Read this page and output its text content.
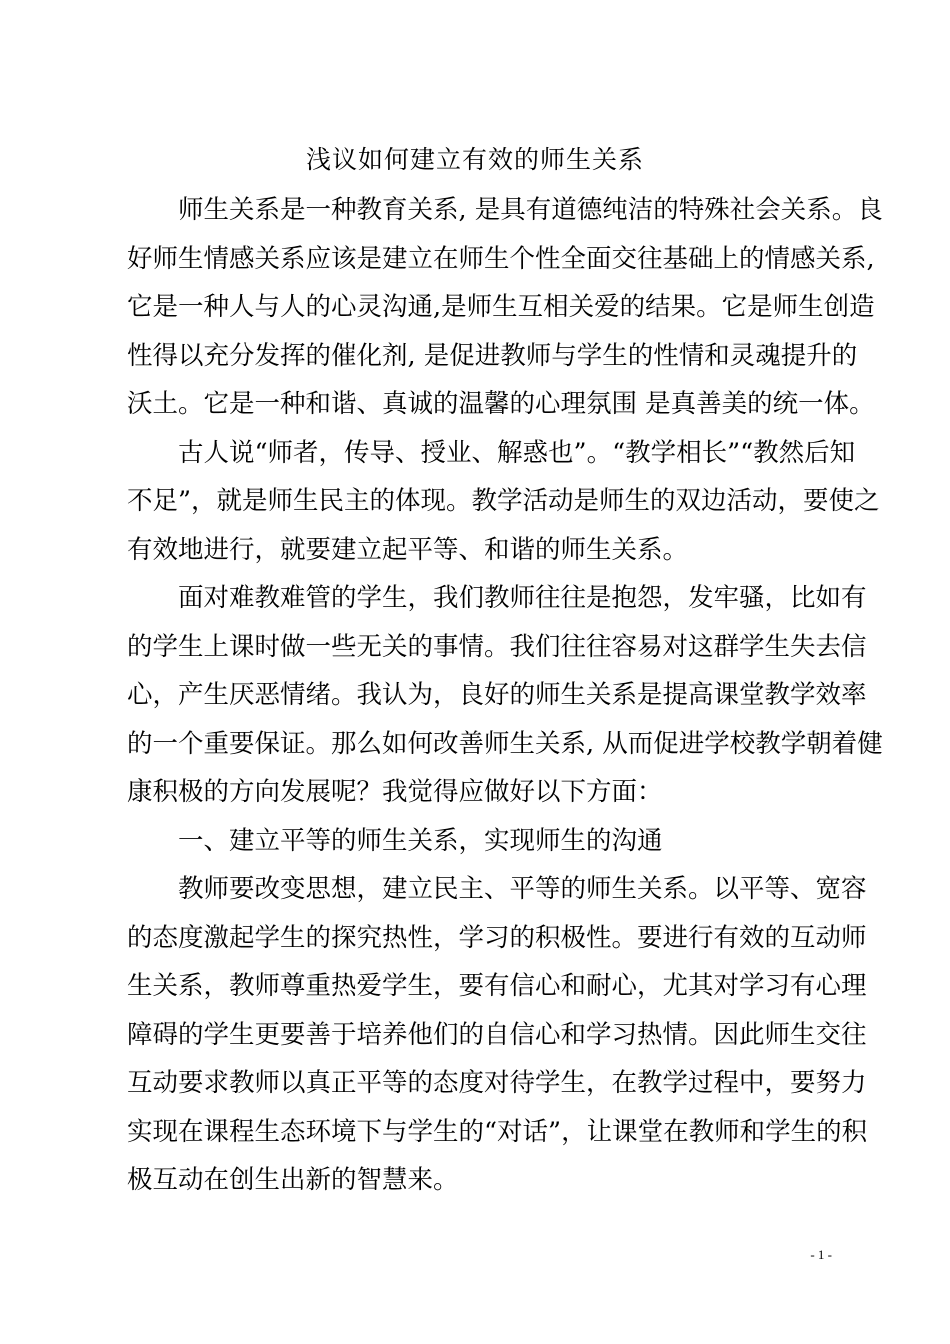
浅议如何建立有效的师生关系
师生关系是一种教育关系, 是具有道德纯洁的特殊社会关系。良
好师生情感关系应该是建立在师生个性全面交往基础上的情感关系,
它是一种人与人的心灵沟通,是师生互相关爱的结果。它是师生创造
性得以充分发挥的催化剂, 是促进教师与学生的性情和灵魂提升的
沃土。它是一种和谐、真诚的温馨的心理氛围 是真善美的统一体。
古人说“师者，传导、授业、解惑也”。“教学相长”“教然后知
不足”，就是师生民主的体现。教学活动是师生的双边活动，要使之
有效地进行，就要建立起平等、和谐的师生关系。
面对难教难管的学生，我们教师往往是抱怨，发牢骚，比如有
的学生上课时做一些无关的事情。我们往往容易对这群学生失去信
心，产生厌恶情绪。我认为，良好的师生关系是提高课堂教学效率
的一个重要保证。那么如何改善师生关系, 从而促进学校教学朝着健
康积极的方向发展呢？我觉得应做好以下方面：
一、建立平等的师生关系，实现师生的沟通
教师要改变思想，建立民主、平等的师生关系。以平等、宽容
的态度激起学生的探究热性，学习的积极性。要进行有效的互动师
生关系，教师尊重热爱学生，要有信心和耐心，尤其对学习有心理
障碍的学生更要善于培养他们的自信心和学习热情。因此师生交往
互动要求教师以真正平等的态度对待学生，在教学过程中，要努力
实现在课程生态环境下与学生的“对话”，让课堂在教师和学生的积
极互动在创生出新的智慧来。
- 1 -
